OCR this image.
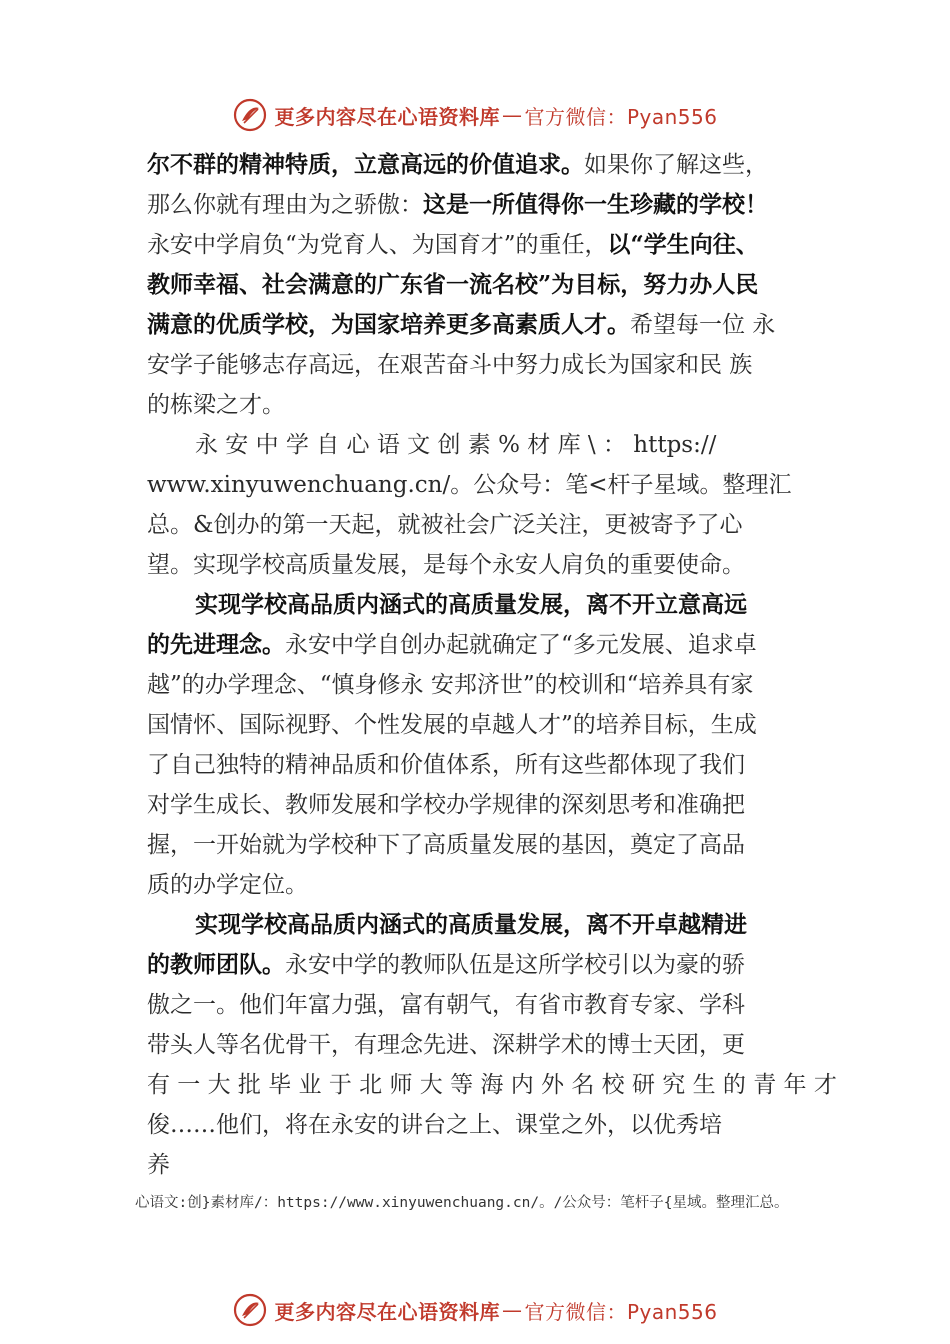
更多内容尽在心语资料库 — 官方微信：Pyan556
尔不群的精神特质，立意高远的价值追求。如果你了解这些，
那么你就有理由为之骄傲：这是一所值得你一生珍藏的学校！
永安中学肩负“为党育人、为国育才”的重任，以“学生向往、
教师幸福、社会满意的广东省一流名校”为目标，努力办人民
满意的优质学校，为国家培养更多高素质人才。希望每一位 永
安学子能够志存高远，在艰苦奋斗中努力成长为国家和民 族
的栋梁之才。
永 安 中 学 自 心 语 文 创 素 % 材 库 \ ： https://
www.xinyuwenchuang.cn/。公众号：笔<杆子星域。整理汇
总。&创办的第一天起，就被社会广泛关注，更被寄予了心
望。实现学校高质量发展，是每个永安人肩负的重要使命。
实现学校高品质内涵式的高质量发展，离不开立意高远
的先进理念。永安中学自创办起就确定了“多元发展、追求卓
越”的办学理念、“慎身修永 安邦济世”的校训和“培养具有家
国情怀、国际视野、个性发展的卓越人才”的培养目标，生成
了自己独特的精神品质和价值体系，所有这些都体现了我们
对学生成长、教师发展和学校办学规律的深刻思考和准确把
握，一开始就为学校种下了高质量发展的基因，奠定了高品
质的办学定位。
实现学校高品质内涵式的高质量发展，离不开卓越精进
的教师团队。永安中学的教师队伍是这所学校引以为豪的骄
傲之一。他们年富力强，富有朝气，有省市教育专家、学科
带头人等名优骨干，有理念先进、深耕学术的博士天团，更
有 一 大 批 毕 业 于 北 师 大 等 海 内 外 名 校 研 究 生 的 青 年 才
俊……他们，将在永安的讲台之上、课堂之外，以优秀培
养
心语文:创}素材库/：https://www.xinyuwenchuang.cn/。/公众号：笔杆子{星域。整理汇总。
更多内容尽在心语资料库 — 官方微信：Pyan556
